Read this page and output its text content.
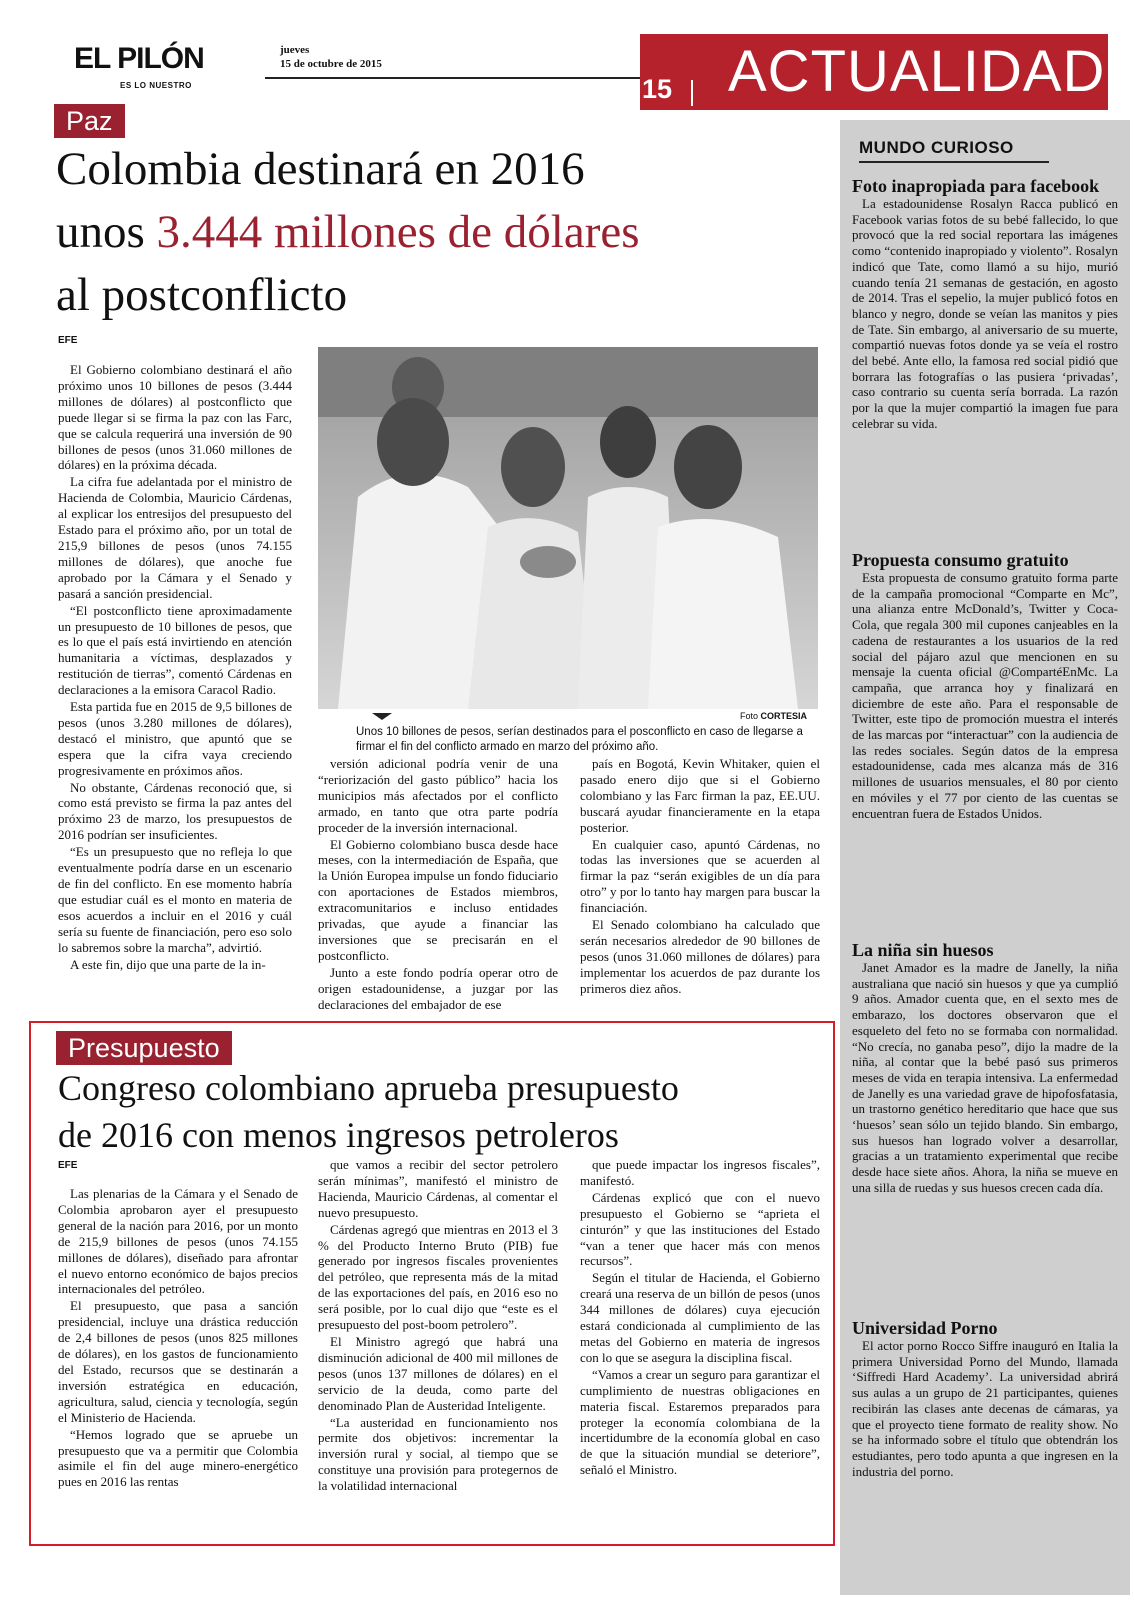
EL PILÓN
ES LO NUESTRO
jueves
15 de octubre de 2015
15 ACTUALIDAD
Paz
Colombia destinará en 2016
unos 3.444 millones de dólares
al postconflicto
EFE

El Gobierno colombiano destinará el año próximo unos 10 billones de pesos (3.444 millones de dólares) al postconflicto que puede llegar si se firma la paz con las Farc, que se calcula requerirá una inversión de 90 billones de pesos (unos 31.060 millones de dólares) en la próxima década.

La cifra fue adelantada por el ministro de Hacienda de Colombia, Mauricio Cárdenas, al explicar los entresijos del presupuesto del Estado para el próximo año, por un total de 215,9 billones de pesos (unos 74.155 millones de dólares), que anoche fue aprobado por la Cámara y el Senado y pasará a sanción presidencial.

“El postconflicto tiene aproximadamente un presupuesto de 10 billones de pesos, que es lo que el país está invirtiendo en atención humanitaria a víctimas, desplazados y restitución de tierras”, comentó Cárdenas en declaraciones a la emisora Caracol Radio.

Esta partida fue en 2015 de 9,5 billones de pesos (unos 3.280 millones de dólares), destacó el ministro, que apuntó que se espera que la cifra vaya creciendo progresivamente en próximos años.

No obstante, Cárdenas reconoció que, si como está previsto se firma la paz antes del próximo 23 de marzo, los presupuestos de 2016 podrían ser insuficientes.

“Es un presupuesto que no refleja lo que eventualmente podría darse en un escenario de fin del conflicto. En ese momento habría que estudiar cuál es el monto en materia de esos acuerdos a incluir en el 2016 y cuál sería su fuente de financiación, pero eso solo lo sabremos sobre la marcha”, advirtió.

A este fin, dijo que una parte de la in-

Foto CORTESIA
Unos 10 billones de pesos, serían destinados para el posconflicto en caso de llegarse a firmar el fin del conflicto armado en marzo del próximo año.

versión adicional podría venir de una “reriorización del gasto público” hacia los municipios más afectados por el conflicto armado, en tanto que otra parte podría proceder de la inversión internacional.

El Gobierno colombiano busca desde hace meses, con la intermediación de España, que la Unión Europea impulse un fondo fiduciario con aportaciones de Estados miembros, extracomunitarios e incluso entidades privadas, que ayude a financiar las inversiones que se precisarán en el postconflicto.

Junto a este fondo podría operar otro de origen estadounidense, a juzgar por las declaraciones del embajador de ese

país en Bogotá, Kevin Whitaker, quien el pasado enero dijo que si el Gobierno colombiano y las Farc firman la paz, EE.UU. buscará ayudar financieramente en la etapa posterior.

En cualquier caso, apuntó Cárdenas, no todas las inversiones que se acuerden al firmar la paz “serán exigibles de un día para otro” y por lo tanto hay margen para buscar la financiación.

El Senado colombiano ha calculado que serán necesarios alrededor de 90 billones de pesos (unos 31.060 millones de dólares) para implementar los acuerdos de paz durante los primeros diez años.

Presupuesto
Congreso colombiano aprueba presupuesto
de 2016 con menos ingresos petroleros
EFE

Las plenarias de la Cámara y el Senado de Colombia aprobaron ayer el presupuesto general de la nación para 2016, por un monto de 215,9 billones de pesos (unos 74.155 millones de dólares), diseñado para afrontar el nuevo entorno económico de bajos precios internacionales del petróleo.

El presupuesto, que pasa a sanción presidencial, incluye una drástica reducción de 2,4 billones de pesos (unos 825 millones de dólares), en los gastos de funcionamiento del Estado, recursos que se destinarán a inversión estratégica en educación, agricultura, salud, ciencia y tecnología, según el Ministerio de Hacienda.

“Hemos logrado que se apruebe un presupuesto que va a permitir que Colombia asimile el fin del auge minero-energético pues en 2016 las rentas

que vamos a recibir del sector petrolero serán mínimas”, manifestó el ministro de Hacienda, Mauricio Cárdenas, al comentar el nuevo presupuesto.

Cárdenas agregó que mientras en 2013 el 3 % del Producto Interno Bruto (PIB) fue generado por ingresos fiscales provenientes del petróleo, que representa más de la mitad de las exportaciones del país, en 2016 eso no será posible, por lo cual dijo que “este es el presupuesto del post-boom petrolero”.

El Ministro agregó que habrá una disminución adicional de 400 mil millones de pesos (unos 137 millones de dólares) en el servicio de la deuda, como parte del denominado Plan de Austeridad Inteligente.

“La austeridad en funcionamiento nos permite dos objetivos: incrementar la inversión rural y social, al tiempo que se constituye una provisión para protegernos de la volatilidad internacional

que puede impactar los ingresos fiscales”, manifestó.

Cárdenas explicó que con el nuevo presupuesto el Gobierno se “aprieta el cinturón” y que las instituciones del Estado “van a tener que hacer más con menos recursos”.

Según el titular de Hacienda, el Gobierno creará una reserva de un billón de pesos (unos 344 millones de dólares) cuya ejecución estará condicionada al cumplimiento de las metas del Gobierno en materia de ingresos con lo que se asegura la disciplina fiscal.

“Vamos a crear un seguro para garantizar el cumplimiento de nuestras obligaciones en materia fiscal. Estaremos preparados para proteger la economía colombiana de la incertidumbre de la economía global en caso de que la situación mundial se deteriore”, señaló el Ministro.

MUNDO CURIOSO
Foto inapropiada para facebook

La estadounidense Rosalyn Racca publicó en Facebook varias fotos de su bebé fallecido, lo que provocó que la red social reportara las imágenes como “contenido inapropiado y violento”. Rosalyn indicó que Tate, como llamó a su hijo, murió cuando tenía 21 semanas de gestación, en agosto de 2014. Tras el sepelio, la mujer publicó fotos en blanco y negro, donde se veían las manitos y pies de Tate. Sin embargo, al aniversario de su muerte, compartió nuevas fotos donde ya se veía el rostro del bebé. Ante ello, la famosa red social pidió que borrara las fotografías o las pusiera ‘privadas’, caso contrario su cuenta sería borrada. La razón por la que la mujer compartió la imagen fue para celebrar su vida.

Propuesta consumo gratuito

Esta propuesta de consumo gratuito forma parte de la campaña promocional “Comparte en Mc”, una alianza entre McDonald’s, Twitter y Coca-Cola, que regala 300 mil cupones canjeables en la cadena de restaurantes a los usuarios de la red social del pájaro azul que mencionen en su mensaje la cuenta oficial @CompartéEnMc. La campaña, que arranca hoy y finalizará en diciembre de este año. Para el responsable de Twitter, este tipo de promoción muestra el interés de las marcas por “interactuar” con la audiencia de las redes sociales. Según datos de la empresa estadounidense, cada mes alcanza más de 316 millones de usuarios mensuales, el 80 por ciento en móviles y el 77 por ciento de las cuentas se encuentran fuera de Estados Unidos.

La niña sin huesos

Janet Amador es la madre de Janelly, la niña australiana que nació sin huesos y que ya cumplió 9 años. Amador cuenta que, en el sexto mes de embarazo, los doctores observaron que el esqueleto del feto no se formaba con normalidad. “No crecía, no ganaba peso”, dijo la madre de la niña, al contar que la bebé pasó sus primeros meses de vida en terapia intensiva. La enfermedad de Janelly es una variedad grave de hipofosfatasia, un trastorno genético hereditario que hace que sus ‘huesos’ sean sólo un tejido blando. Sin embargo, sus huesos han logrado volver a desarrollar, gracias a un tratamiento experimental que recibe desde hace siete años. Ahora, la niña se mueve en una silla de ruedas y sus huesos crecen cada día.

Universidad Porno

El actor porno Rocco Siffre inauguró en Italia la primera Universidad Porno del Mundo, llamada ‘Siffredi Hard Academy’. La universidad abrirá sus aulas a un grupo de 21 participantes, quienes recibirán las clases ante decenas de cámaras, ya que el proyecto tiene formato de reality show. No se ha informado sobre el título que obtendrán los estudiantes, pero todo apunta a que ingresen en la industria del porno.
